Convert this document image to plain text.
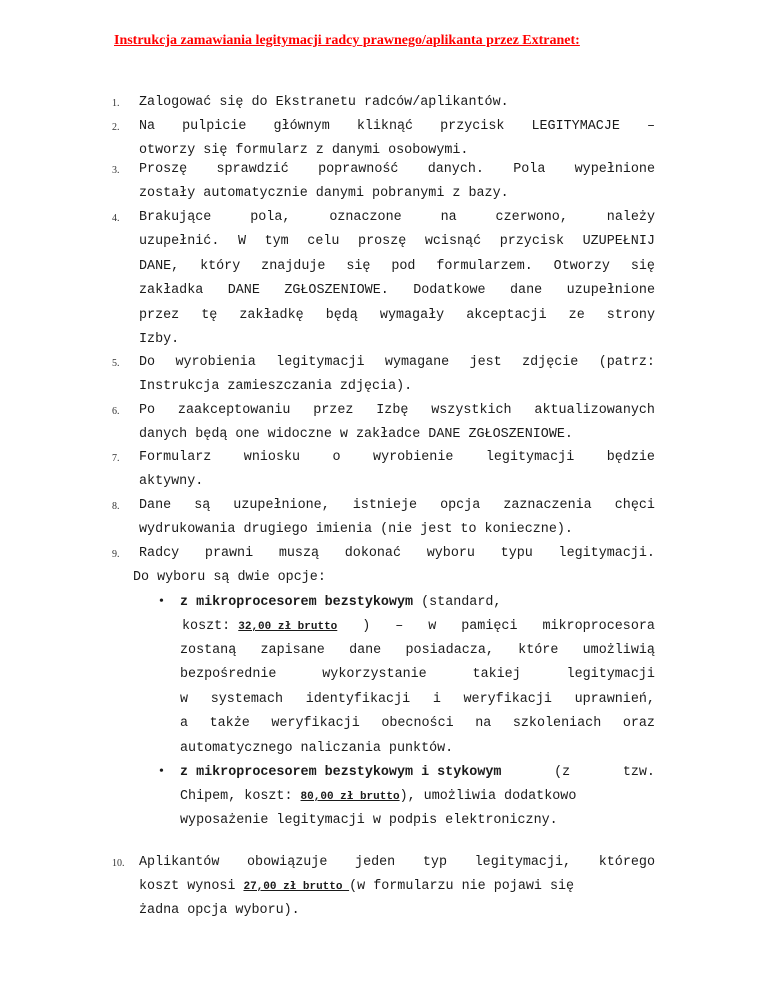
Instrukcja zamawiania legitymacji radcy prawnego/aplikanta przez Extranet:
1. Zalogować się do Ekstranetu radców/aplikantów.
2. Na pulpicie głównym kliknąć przycisk LEGITYMACJE –
otworzy się formularz z danymi osobowymi.
3. Proszę sprawdzić poprawność danych. Pola wypełnione
zostały automatycznie danymi pobranymi z bazy.
4. Brakujące	pola,	oznaczone	na	czerwono,	należy
uzupełnić. W tym celu proszę wcisnąć przycisk UZUPEŁNIJ
DANE, który znajduje się pod formularzem. Otworzy się
zakładka DANE ZGŁOSZENIOWE. Dodatkowe dane uzupełnione
przez tę zakładkę będą wymagały akceptacji ze strony
Izby.
5. Do wyrobienia legitymacji wymagane jest zdjęcie (patrz:
Instrukcja zamieszczania zdjęcia).
6. Po zaakceptowaniu przez Izbę wszystkich aktualizowanych
danych będą one widoczne w zakładce DANE ZGŁOSZENIOWE.
7. Formularz wniosku o wyrobienie legitymacji będzie
aktywny.
8. Dane są uzupełnione, istnieje opcja zaznaczenia chęci
wydrukowania drugiego imienia (nie jest to konieczne).
9. Radcy prawni muszą dokonać wyboru typu legitymacji.
Do wyboru są dwie opcje:
10. Aplikantów obowiązuje jeden typ legitymacji, którego
• z mikroprocesorem bezstykowym (standard,
koszt: 32,00 zł brutto ) – w pamięci mikroprocesora
zostaną zapisane dane posiadacza, które umożliwią
bezpośrednie	wykorzystanie	takiej	legitymacji
w systemach identyfikacji i weryfikacji uprawnień,
a także weryfikacji obecności na szkoleniach oraz
automatycznego naliczania punktów.
• z mikroprocesorem bezstykowym i stykowym	(z	tzw.
Chipem, koszt: 80,00 zł brutto), umożliwia dodatkowo
wyposażenie legitymacji w podpis elektroniczny.
koszt wynosi 27,00 zł brutto (w formularzu nie pojawi się
żadna opcja wyboru).
